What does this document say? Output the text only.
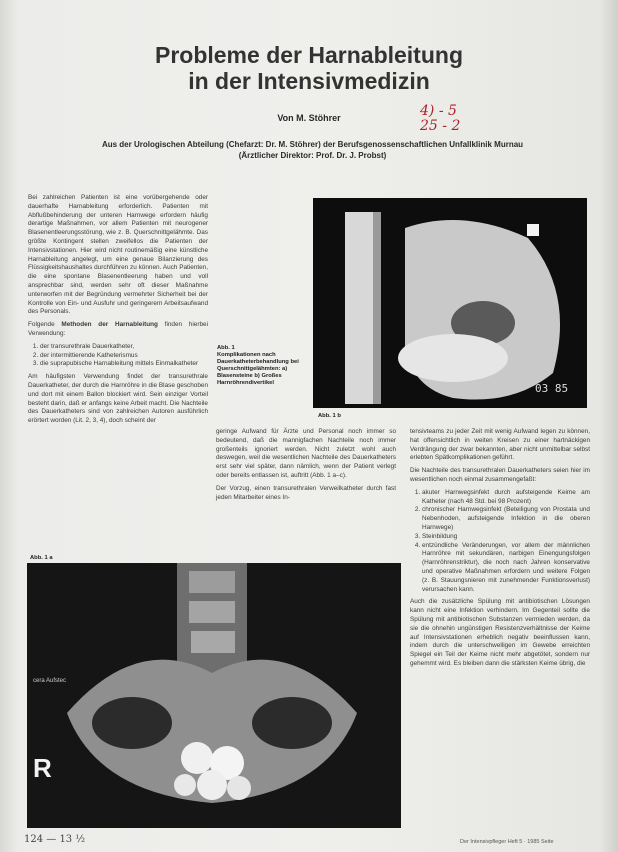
Probleme der Harnableitung
in der Intensivmedizin
Von M. Stöhrer	4) - 5
25 - 2
Aus der Urologischen Abteilung (Chefarzt: Dr. M. Stöhrer) der Berufsgenossenschaftlichen Unfallklinik Murnau
(Ärztlicher Direktor: Prof. Dr. J. Probst)

Bei zahlreichen Patienten ist eine vorübergehende oder dauerhafte Harnableitung erforderlich. Patienten mit Abflußbehinderung der unteren Harnwege erfordern häufig derartige Maßnahmen, vor allem Patienten mit neurogener Blasenentleerungsstörung, wie z. B. Querschnittgelähmte. Das größte Kontingent stellen zweifellos die Patienten der Intensivstationen. Hier wird nicht routinemäßig eine künstliche Harnableitung angelegt, um eine genaue Bilanzierung des Flüssigkeitshaushaltes durchführen zu können. Auch Patienten, die eine spontane Blasenentleerung haben und voll ansprechbar sind, werden sehr oft dieser Maßnahme unterworfen mit der Begründung vermehrter Sicherheit bei der Kontrolle von Ein- und Ausfuhr und geringerem Arbeitsaufwand des Personals.

Folgende Methoden der Harnableitung finden hierbei Verwendung:

1. der transurethrale Dauerkatheter,
2. der intermittierende Katheterismus
3. die suprapubische Harnableitung mittels Einmalkatheter

Am häufigsten Verwendung findet der transurethrale Dauerkatheter, der durch die Harnröhre in die Blase geschoben und dort mit einem Ballon blockiert wird. Sein einziger Vorteil besteht darin, daß er anfangs keine Arbeit macht. Die Nachteile des Dauerkatheters sind von zahlreichen Autoren ausführlich erörtert worden (Lit. 2, 3, 4), doch scheint der

03 85
Abb. 1
Komplikationen nach Dauerkatheterbehandlung bei Querschnittgelähmten: a) Blasensteine b) Großes Harnröhrendivertikel
Abb. 1 b

geringe Aufwand für Ärzte und Personal noch immer so bedeutend, daß die mannigfachen Nachteile noch immer großenteils ignoriert werden. Nicht zuletzt wohl auch deswegen, weil die wesentlichen Nachteile des Dauerkatheters erst sehr viel später, dann nämlich, wenn der Patient verlegt oder bereits entlassen ist, auftritt (Abb. 1 a–c).

Der Vorzug, einen transurethralen Verweilkatheter durch fast jeden Mitarbeiter eines In-

tensivteams zu jeder Zeit mit wenig Aufwand legen zu können, hat offensichtlich in weiten Kreisen zu einer hartnäckigen Verdrängung der zwar bekannten, aber nicht unmittelbar selbst erlebten Spätkomplikationen geführt.

Die Nachteile des transurethralen Dauerkatheters seien hier im wesentlichen noch einmal zusammengefaßt:

1. akuter Harnwegsinfekt durch aufsteigende Keime am Katheter (nach 48 Std. bei 98 Prozent)
2. chronischer Harnwegsinfekt (Beteiligung von Prostata und Nebenhoden, aufsteigende Infektion in die oberen Harnwege)
3. Steinbildung
4. entzündliche Veränderungen, vor allem der männlichen Harnröhre mit sekundären, narbigen Einengungsfolgen (Harnröhrenstriktur), die noch nach Jahren konservative und operative Maßnahmen erfordern und weitere Folgen (z. B. Stauungsnieren mit zunehmender Funktionsverlust) verursachen kann.

Auch die zusätzliche Spülung mit antibiotischen Lösungen kann nicht eine Infektion verhindern. Im Gegenteil sollte die Spülung mit antibiotischen Substanzen vermieden werden, da sie die ohnehin ungünstigen Resistenzverhältnisse der Keime auf Intensivstationen erheblich negativ beeinflussen kann, indem durch die unterschwelligen im Gewebe erreichten Spiegel ein Teil der Keime nicht mehr abgetötet, sondern nur gehemmt wird. Es bleiben dann die stärksten Keime übrig, die

Abb. 1 a
cera Aufstec
R
124 — 13 ½	Der Intensivpfleger Heft 5 · 1985 Seite
